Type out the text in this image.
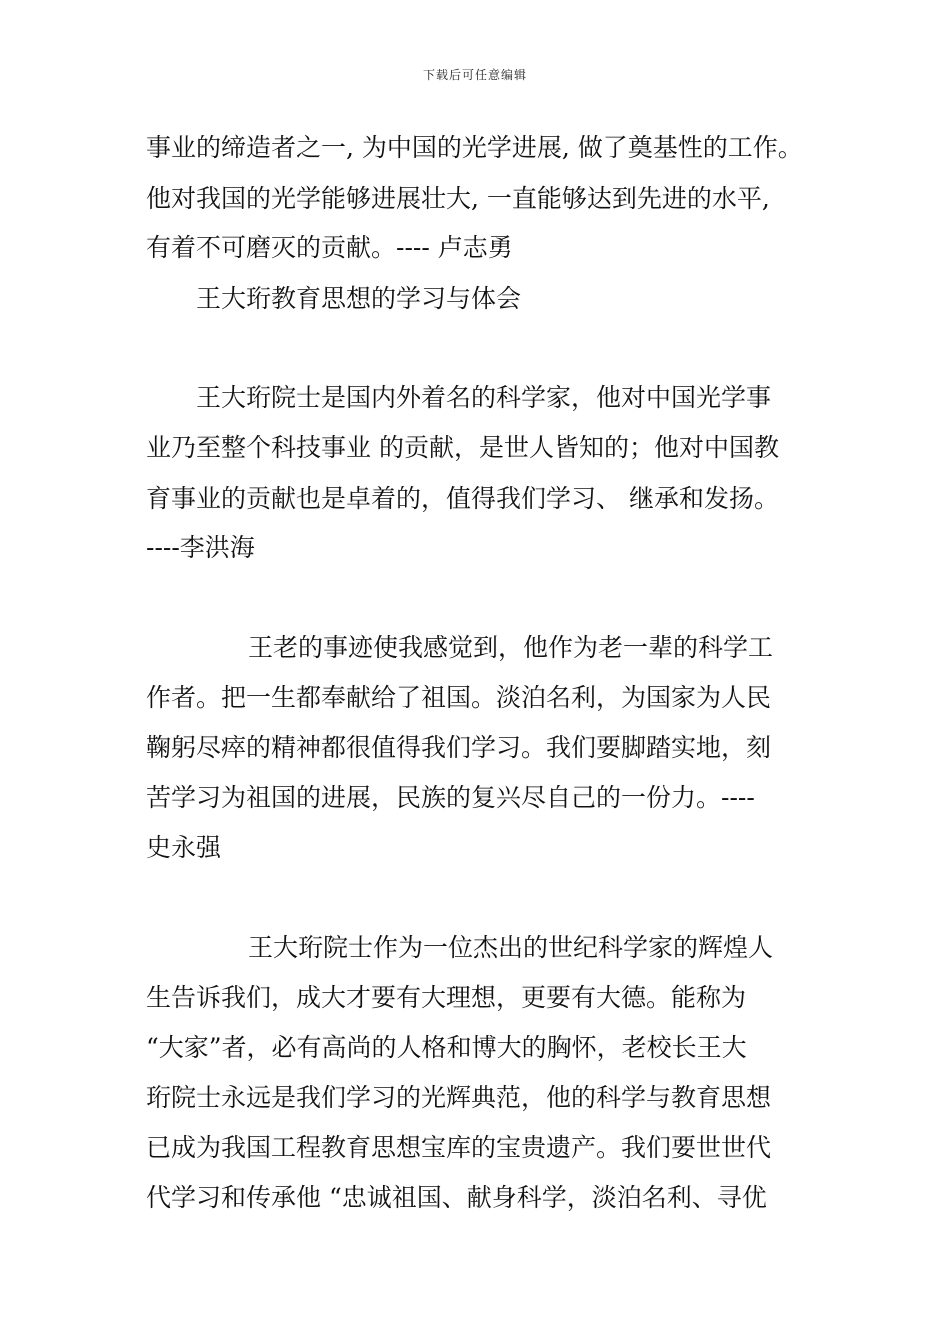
下载后可任意编辑
事业的缔造者之一, 为中国的光学进展, 做了奠基性的工作。
他对我国的光学能够进展壮大, 一直能够达到先进的水平,
有着不可磨灭的贡献。---- 卢志勇
王大珩教育思想的学习与体会
王大珩院士是国内外着名的科学家，他对中国光学事
业乃至整个科技事业 的贡献，是世人皆知的；他对中国教
育事业的贡献也是卓着的，值得我们学习、 继承和发扬。
----李洪海
王老的事迹使我感觉到，他作为老一辈的科学工
作者。把一生都奉献给了祖国。淡泊名利，为国家为人民
鞠躬尽瘁的精神都很值得我们学习。我们要脚踏实地，刻
苦学习为祖国的进展，民族的复兴尽自己的一份力。----
史永强
王大珩院士作为一位杰出的世纪科学家的辉煌人
生告诉我们，成大才要有大理想，更要有大德。能称为
“大家”者，必有高尚的人格和博大的胸怀，老校长王大
珩院士永远是我们学习的光辉典范，他的科学与教育思想
已成为我国工程教育思想宝库的宝贵遗产。我们要世世代
代学习和传承他 “忠诚祖国、献身科学，淡泊名利、寻优
